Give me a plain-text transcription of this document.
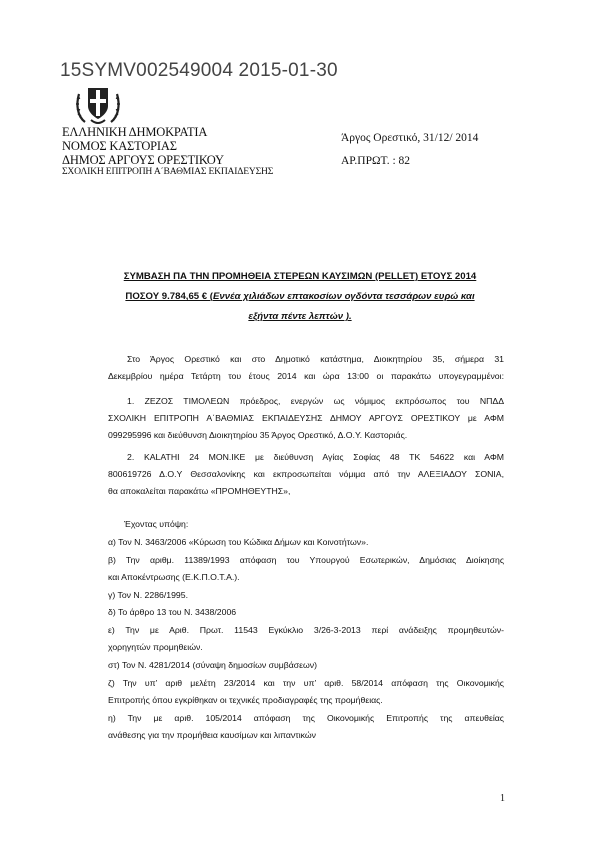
15SYMV002549004 2015-01-30
ΕΛΛΗΝΙΚΗ ΔΗΜΟΚΡΑΤΙΑ
ΝΟΜΟΣ ΚΑΣΤΟΡΙΑΣ
ΔΗΜΟΣ ΑΡΓΟΥΣ ΟΡΕΣΤΙΚΟΥ
ΣΧΟΛΙΚΗ ΕΠΙΤΡΟΠΗ Α΄ΒΑΘΜΙΑΣ ΕΚΠΑΙΔΕΥΣΗΣ
Άργος Ορεστικό, 31/12/ 2014
ΑΡ.ΠΡΩΤ. : 82
ΣΥΜΒΑΣΗ ΠΑ ΤΗΝ ΠΡΟΜΗΘΕΙΑ ΣΤΕΡΕΩΝ ΚΑΥΣΙΜΩΝ (PELLET) ΕΤΟΥΣ 2014
ΠΟΣΟΥ 9.784,65 € (Εννέα χιλιάδων επτακοσίων ογδόντα τεσσάρων ευρώ και
εξήντα πέντε λεπτών ).
Στο Άργος Ορεστικό και στο Δημοτικό κατάστημα, Διοικητηρίου 35, σήμερα 31
Δεκεμβρίου ημέρα Τετάρτη του έτους 2014 και ώρα 13:00 οι παρακάτω υπογεγραμμένοι:
1. ΖΕΖΟΣ ΤΙΜΟΛΕΩΝ πρόεδρος, ενεργών ως νόμιμος εκπρόσωπος του ΝΠΔΔ
ΣΧΟΛΙΚΗ ΕΠΙΤΡΟΠΗ Α΄ΒΑΘΜΙΑΣ ΕΚΠΑΙΔΕΥΣΗΣ ΔΗΜΟΥ ΑΡΓΟΥΣ ΟΡΕΣΤΙΚΟΥ με ΑΦΜ
099295996 και διεύθυνση Διοικητηρίου 35 Άργος Ορεστικό, Δ.Ο.Υ. Καστοριάς.
2. KALATHI 24 ΜΟΝ.ΙΚΕ με διεύθυνση Αγίας Σοφίας 48 ΤΚ 54622 και ΑΦΜ
800619726 Δ.Ο.Υ Θεσσαλονίκης και εκπροσωπείται νόμιμα από την ΑΛΕΞΙΑΔΟΥ ΣΟΝΙΑ,
θα αποκαλείται παρακάτω «ΠΡΟΜΗΘΕΥΤΗΣ»,
Έχοντας υπόψη:
α) Τον Ν. 3463/2006 «Κύρωση του Κώδικα Δήμων και Κοινοτήτων».
β) Την αριθμ. 11389/1993 απόφαση του Υπουργού Εσωτερικών, Δημόσιας Διοίκησης
και Αποκέντρωσης (Ε.Κ.Π.Ο.Τ.Α.).
γ) Τον Ν. 2286/1995.
δ) Το άρθρο 13 του Ν. 3438/2006
ε) Την με Αριθ. Πρωτ. 11543 Εγκύκλιο 3/26-3-2013 περί ανάδειξης προμηθευτών-
χορηγητών προμηθειών.
στ) Τον Ν. 4281/2014 (σύναψη δημοσίων συμβάσεων)
ζ) Την υπ’ αριθ μελέτη 23/2014 και την υπ’ αριθ. 58/2014 απόφαση της Οικονομικής
Επιτροπής όπου εγκρίθηκαν οι τεχνικές προδιαγραφές της προμήθειας.
η) Την με αριθ. 105/2014 απόφαση της Οικονομικής Επιτροπής της απευθείας
ανάθεσης για την προμήθεια καυσίμων και λιπαντικών
1
